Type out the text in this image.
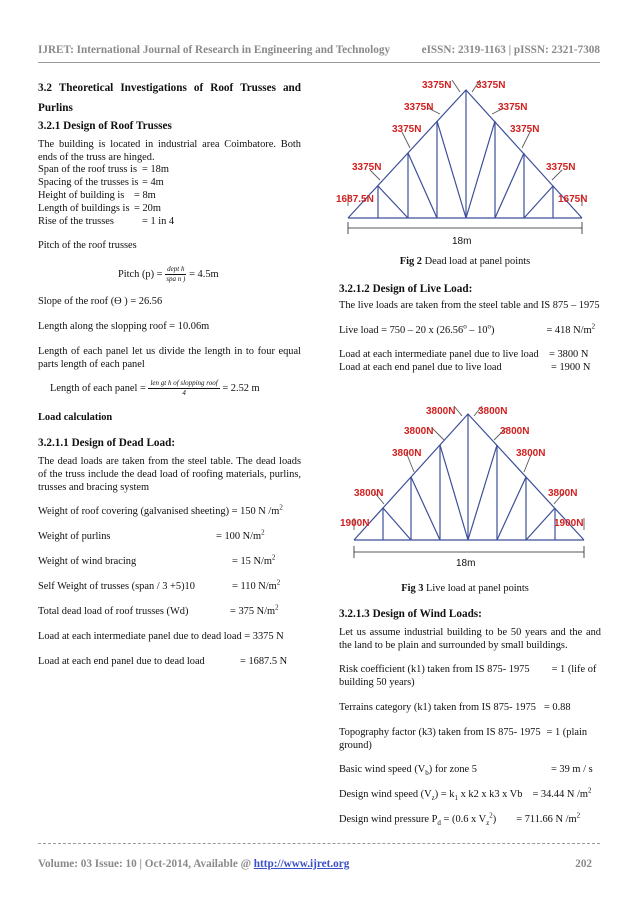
IJRET: International Journal of Research in Engineering and Technology	eISSN: 2319-1163 | pISSN: 2321-7308

3.2 Theoretical Investigations of Roof Trusses and Purlins

3.2.1 Design of Roof Trusses

The building is located in industrial area Coimbatore. Both ends of the truss are hinged.

Span of the roof truss is = 18m
Spacing of the trusses is = 4m
Height of building is = 8m
Length of buildings is = 20m
Rise of the trusses	= 1 in 4

Pitch of the roof trusses

Pitch $(p) = \frac{\text{dept h}}{\text{spa n )}} = 4.5m$

Slope of the roof (Ɵ ) = 26.56

Length along the slopping roof = 10.06m

Length of each panel let us divide the length in to four equal parts length of each panel

Length of each panel = $\frac{\text{len gt h of slopping roof}}{4} = 2.52$ m

Load calculation

3.2.1.1 Design of Dead Load:

The dead loads are taken from the steel table. The dead loads of the truss include the dead load of roofing materials, purlins, trusses and bracing system

Weight of roof covering (galvanised sheeting) = 150 N $/m^2$
Weight of purlins	= 100 $N/m^2$
Weight of wind bracing	= 15 $N/m^2$
Self Weight of trusses (span / 3 +5)10	= 110 $N/m^2$
Total dead load of roof trusses (Wd)	= 375 $N/m^2$
Load at each intermediate panel due to dead load = 3375 N
Load at each end panel due to dead load	= 1687.5 N
3375N 3375N
3375N	3375N
3375N	3375N
3375N	3375N
1687.5N	1675N
18m
Fig 2 Dead load at panel points

3.2.1.2 Design of Live Load:

The live loads are taken from the steel table and IS 875 – 1975

Live load = 750 – 20 x $(26.56^o - 10^o)$	= 418 $N/m^2$

Load at each intermediate panel due to live load = 3800 N

Load at each end panel due to live load	= 1900 N

3800N 3800N
3800N	3800N
3800N	3800N
3800N	3800N
1900N	1900N
18m
Fig 3 Live load at panel points

3.2.1.3 Design of Wind Loads:

Let us assume industrial building to be 50 years and the and the land to be plain and surrounded by small buildings.

Risk coefficient (k1) taken from IS 875- 1975 = 1 (life of building 50 years)

Terrains category (k1) taken from IS 875- 1975 = 0.88

Topography factor (k3) taken from IS 875- 1975 = 1 (plain ground)

Basic wind speed $(V_b)$ for zone 5	= 39 m / s

Design wind speed $(V_z) = k_1$ x k2 x k3 x Vb = 34.44 N $/m^2$

Design wind pressure $P_d = (0.6$ x $V_z^2) = 711.66$ N $/m^2$

Volume: 03 Issue: 10 | Oct-2014, Available @ http://www.ijret.org	202
